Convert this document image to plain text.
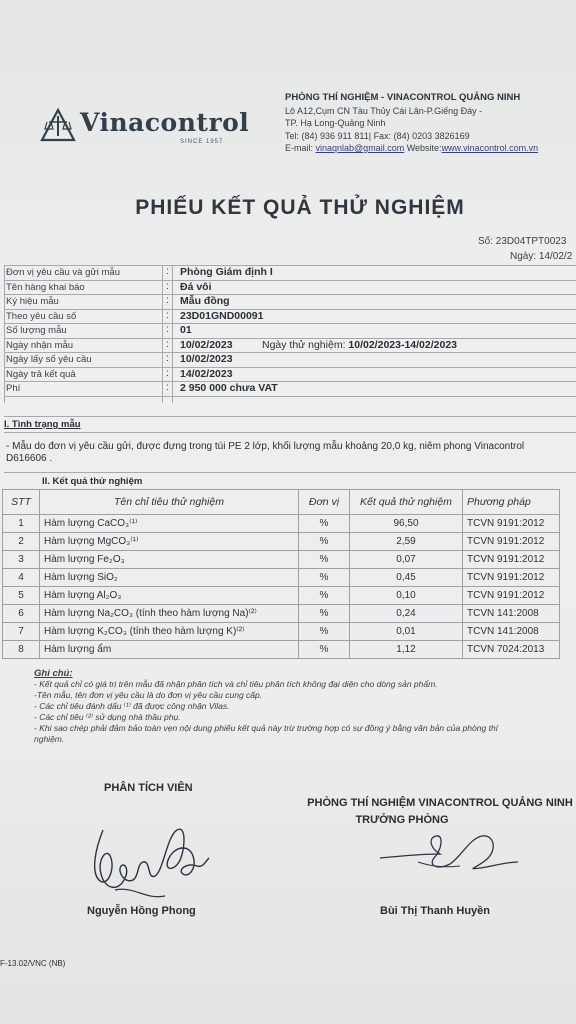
Vinacontrol
SINCE 1957
PHÒNG THÍ NGHIỆM - VINACONTROL QUẢNG NINH
Lô A12,Cụm CN Tàu Thủy Cái Lân-P.Giếng Đáy -
TP. Hạ Long-Quảng Ninh
Tel: (84) 936 911 811| Fax: (84) 0203 3826169
E-mail: vinaqnlab@gmail.com Website:www.vinacontrol.com.vn
PHIẾU KẾT QUẢ THỬ NGHIỆM
Số: 23D04TPT0023
Ngày: 14/02/2
Đơn vị yêu cầu và gửi mẫu	: Phòng Giám định I
Tên hàng khai báo	: Đá vôi
Ký hiệu mẫu	: Mẫu đồng
Theo yêu cầu số	: 23D01GND00091
Số lượng mẫu	: 01
Ngày nhận mẫu	: 10/02/2023	Ngày thử nghiệm: 10/02/2023-14/02/2023
Ngày lấy số yêu cầu	: 10/02/2023
Ngày trả kết quả	: 14/02/2023
Phí	: 2 950 000 chưa VAT
I. Tình trạng mẫu
- Mẫu do đơn vị yêu cầu gửi, được đựng trong túi PE 2 lớp, khối lượng mẫu khoảng 20,0 kg, niêm phong Vinacontrol
D616606 .
II. Kết quả thử nghiệm
STT	Tên chỉ tiêu thử nghiệm	Đơn vị	Kết quả thử nghiệm	Phương pháp
1	Hàm lượng CaCO₃⁽¹⁾	%	96,50	TCVN 9191:2012
2	Hàm lượng MgCO₃⁽¹⁾	%	2,59	TCVN 9191:2012
3	Hàm lượng Fe₂O₃	%	0,07	TCVN 9191:2012
4	Hàm lượng SiO₂	%	0,45	TCVN 9191:2012
5	Hàm lượng Al₂O₃	%	0,10	TCVN 9191:2012
6	Hàm lượng Na₂CO₃ (tính theo hàm lượng Na)⁽²⁾	%	0,24	TCVN 141:2008
7	Hàm lượng K₂CO₃ (tính theo hàm lượng K)⁽²⁾	%	0,01	TCVN 141:2008
8	Hàm lượng ẩm	%	1,12	TCVN 7024:2013
Ghi chú:
- Kết quả chỉ có giá trị trên mẫu đã nhận phân tích và chỉ tiêu phân tích không đại diện cho dòng sản phẩm.
-Tên mẫu, tên đơn vị yêu cầu là do đơn vị yêu cầu cung cấp.
- Các chỉ tiêu đánh dấu ⁽¹⁾ đã được công nhận Vilas.
- Các chỉ tiêu ⁽²⁾ sử dụng nhà thầu phụ.
- Khi sao chép phải đảm bảo toàn vẹn nội dung phiếu kết quả này trừ trường hợp có sự đồng ý bằng văn bản của phòng thí
nghiệm.
PHÂN TÍCH VIÊN
PHÒNG THÍ NGHIỆM VINACONTROL QUẢNG NINH
TRƯỞNG PHÒNG
Nguyễn Hồng Phong	Bùi Thị Thanh Huyền
F-13.02/VNC (NB)
